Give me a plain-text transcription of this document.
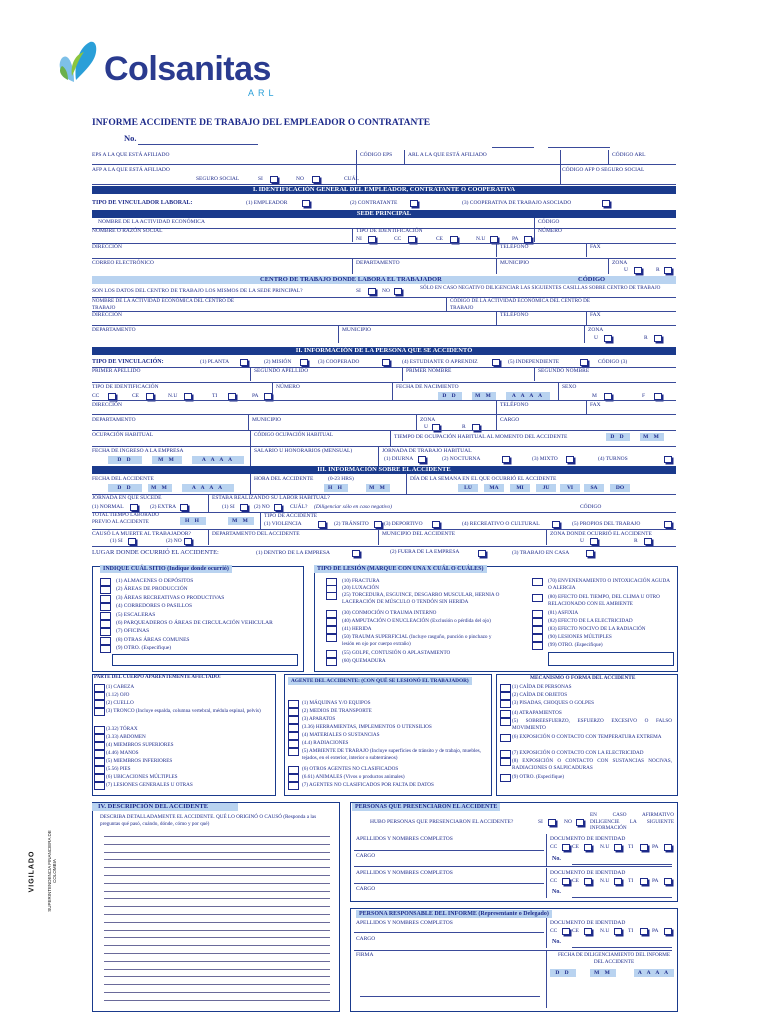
Colsanitas
ARL
INFORME ACCIDENTE DE TRABAJO DEL EMPLEADOR O CONTRATANTE
No.
EPS A LA QUE ESTÁ AFILIADO	CÓDIGO EPS	ARL A LA QUE ESTÁ AFILIADO	CÓDIGO ARL
AFP A LA QUE ESTÁ AFILIADO	CÓDIGO AFP O SEGURO SOCIAL
SEGURO SOCIAL	SI	NO	CUÁL
I. IDENTIFICACIÓN GENERAL DEL EMPLEADOR, CONTRATANTE O COOPERATIVA
TIPO DE VINCULADOR LABORAL:	(1) EMPLEADOR	(2) CONTRATANTE	(3) COOPERATIVA DE TRABAJO ASOCIADO
SEDE PRINCIPAL
NOMBRE DE LA ACTIVIDAD ECONÓMICA	CÓDIGO
NOMBRE O RAZÓN SOCIAL	TIPO DE IDENTIFICACIÓN	NÚMERO
NI	CC	CE	N.U	PA
DIRECCIÓN	TELÉFONO	FAX
CORREO ELECTRÓNICO	DEPARTAMENTO	MUNICIPIO	ZONA
U	R
CENTRO DE TRABAJO DONDE LABORA EL TRABAJADOR	CÓDIGO
SON LOS DATOS DEL CENTRO DE TRABAJO LOS MISMOS DE LA SEDE PRINCIPAL?	SI	NO	SÓLO EN CASO NEGATIVO DILIGENCIAR LAS SIGUIENTES CASILLAS SOBRE CENTRO DE TRABAJO
NOMBRE DE LA ACTIVIDAD ECONÓMICA DEL CENTRO DE TRABAJO
CÓDIGO DE LA ACTIVIDAD ECONÓMICA DEL CENTRO DE TRABAJO
DIRECCIÓN	TELÉFONO	FAX
DEPARTAMENTO	MUNICIPIO	ZONA
U	R
II. INFORMACIÓN DE LA PERSONA QUE SE ACCIDENTÓ
TIPO DE VINCULACIÓN:	(1) PLANTA	(2) MISIÓN	(3) COOPERADO	(4) ESTUDIANTE O APRENDIZ	(5) INDEPENDIENTE	CÓDIGO (3)
PRIMER APELLIDO	SEGUNDO APELLIDO	PRIMER NOMBRE	SEGUNDO NOMBRE
TIPO DE IDENTIFICACIÓN	NÚMERO	FECHA DE NACIMIENTO	SEXO
CC	CE	N.U	TI	PA	D D	M M	A A A A	M	F
DIRECCIÓN	TELÉFONO	FAX
DEPARTAMENTO	MUNICIPIO	ZONA	CARGO
U	R
OCUPACIÓN HABITUAL	CÓDIGO OCUPACIÓN HABITUAL	TIEMPO DE OCUPACIÓN HABITUAL AL MOMENTO DEL ACCIDENTE	D D	M M
FECHA DE INGRESO A LA EMPRESA	SALARIO U HONORARIOS (MENSUAL)	JORNADA DE TRABAJO HABITUAL
D D	M M	A A A A	(1) DIURNA	(2) NOCTURNA	(3) MIXTO	(4) TURNOS
III. INFORMACIÓN SOBRE EL ACCIDENTE
FECHA DEL ACCIDENTE	HORA DEL ACCIDENTE	(0-23 HRS)	DÍA DE LA SEMANA EN EL QUE OCURRIÓ EL ACCIDENTE
D D	M M	A A A A	H H	M M	LU	MA	MI	JU	VI	SA	DO
JORNADA EN QUE SUCEDE	ESTABA REALIZANDO SU LABOR HABITUAL?
(1) NORMAL	(2) EXTRA	(1) SI	(2) NO	CUÁL? (Diligenciar sólo en caso negativo)	CÓDIGO
TOTAL TIEMPO LABORADO PREVIO AL ACCIDENTE	H H	M M
TIPO DE ACCIDENTE
(1) VIOLENCIA	(2) TRÁNSITO	(3) DEPORTIVO	(4) RECREATIVO O CULTURAL	(5) PROPIOS DEL TRABAJO
CAUSÓ LA MUERTE AL TRABAJADOR?	DEPARTAMENTO DEL ACCIDENTE	MUNICIPIO DEL ACCIDENTE	ZONA DONDE OCURRIÓ EL ACCIDENTE
(1) SI	(2) NO	U	R
LUGAR DONDE OCURRIÓ EL ACCIDENTE:	(1) DENTRO DE LA EMPRESA	(2) FUERA DE LA EMPRESA	(3) TRABAJO EN CASA
INDIQUE CUÁL SITIO (Indique donde ocurrió)	TIPO DE LESIÓN (MARQUE CON UNA X CUÁL O CUÁLES)
PARTE DEL CUERPO APARENTEMENTE AFECTADO:
AGENTE DEL ACCIDENTE: (CON QUÉ SE LESIONÓ EL TRABAJADOR)	MECANISMO O FORMA DEL ACCIDENTE
IV. DESCRIPCIÓN DEL ACCIDENTE
DESCRIBA DETALLADAMENTE EL ACCIDENTE. QUÉ LO ORIGINÓ O CAUSÓ (Responda a las preguntas qué pasó, cuándo, dónde, cómo y por qué)
PERSONAS QUE PRESENCIARON EL ACCIDENTE
HUBO PERSONAS QUE PRESENCIARON EL ACCIDENTE?	SI	NO
EN CASO AFIRMATIVO DILIGENCIE LA SIGUIENTE INFORMACIÓN
APELLIDOS Y NOMBRES COMPLETOS	DOCUMENTO DE IDENTIDAD
CARGO	No.
APELLIDOS Y NOMBRES COMPLETOS	DOCUMENTO DE IDENTIDAD
CARGO	No.
PERSONA RESPONSABLE DEL INFORME (Representante o Delegado)
APELLIDOS Y NOMBRES COMPLETOS	DOCUMENTO DE IDENTIDAD
CARGO	No.
FIRMA	FECHA DE DILIGENCIAMIENTO DEL INFORME DEL ACCIDENTE
D D	M M	A A A A
VIGILADO	SUPERINTENDENCIA FINANCIERA DE COLOMBIA
(1) ALMACENES O DEPÓSITOS
(2) ÁREAS DE PRODUCCIÓN
(3) ÁREAS RECREATIVAS O PRODUCTIVAS
(4) CORREDORES O PASILLOS
(5) ESCALERAS
(6) PARQUEADEROS O ÁREAS DE CIRCULACIÓN VEHICULAR
(7) OFICINAS
(8) OTRAS ÁREAS COMUNES
(9) OTRO. (Especifique)
(10) FRACTURA
(20) LUXACIÓN
(25) TORCEDURA, ESGUINCE, DESGARRO MUSCULAR, HERNIA O LACERACIÓN DE MÚSCULO O TENDÓN SIN HERIDA
(30) CONMOCIÓN O TRAUMA INTERNO
(40) AMPUTACIÓN O ENUCLEACIÓN (Exclusión o pérdida del ojo)
(41) HERIDA
(50) TRAUMA SUPERFICIAL (Incluye rasguño, punción o pinchazo y lesión en ojo por cuerpo extraño)
(55) GOLPE, CONTUSIÓN O APLASTAMIENTO
(60) QUEMADURA
(70) ENVENENAMIENTO O INTOXICACIÓN AGUDA O ALERGIA
(80) EFECTO DEL TIEMPO, DEL CLIMA U OTRO RELACIONADO CON EL AMBIENTE
(81) ASFIXIA
(82) EFECTO DE LA ELECTRICIDAD
(83) EFECTO NOCIVO DE LA RADIACIÓN
(90) LESIONES MÚLTIPLES
(99) OTRO. (Especifique)
(1) CABEZA
(1.12) OJO
(2) CUELLO
(3) TRONCO (Incluye espalda, columna vertebral, médula espinal, pelvis)
(3.32) TÓRAX
(3.33) ABDOMEN
(4) MIEMBROS SUPERIORES
(4.46) MANOS
(5) MIEMBROS INFERIORES
(5.56) PIES
(6) UBICACIONES MÚLTIPLES
(7) LESIONES GENERALES U OTRAS
(1) MÁQUINAS Y/O EQUIPOS
(2) MEDIOS DE TRANSPORTE
(3) APARATOS
(3.36) HERRAMIENTAS, IMPLEMENTOS O UTENSILIOS
(4) MATERIALES O SUSTANCIAS
(4.4) RADIACIONES
(5) AMBIENTE DE TRABAJO (Incluye superficies de tránsito y de trabajo, muebles, tejados, en el exterior, interior o subterráneos)
(6) OTROS AGENTES NO CLASIFICADOS
(6.61) ANIMALES (Vivos o productos animales)
(7) AGENTES NO CLASIFICADOS POR FALTA DE DATOS
(1) CAÍDA DE PERSONAS
(2) CAÍDA DE OBJETOS
(3) PISADAS, CHOQUES O GOLPES
(4) ATRAPAMIENTOS
(5) SOBREESFUERZO, ESFUERZO EXCESIVO O FALSO MOVIMIENTO
(6) EXPOSICIÓN O CONTACTO CON TEMPERATURA EXTREMA
(7) EXPOSICIÓN O CONTACTO CON LA ELECTRICIDAD
(8) EXPOSICIÓN O CONTACTO CON SUSTANCIAS NOCIVAS, RADIACIONES O SALPICADURAS
(9) OTRO. (Especifique)
CC	CE	N.U	TI	PA
CC	CE	N.U	TI	PA
CC	CE	N.U	TI	PA
